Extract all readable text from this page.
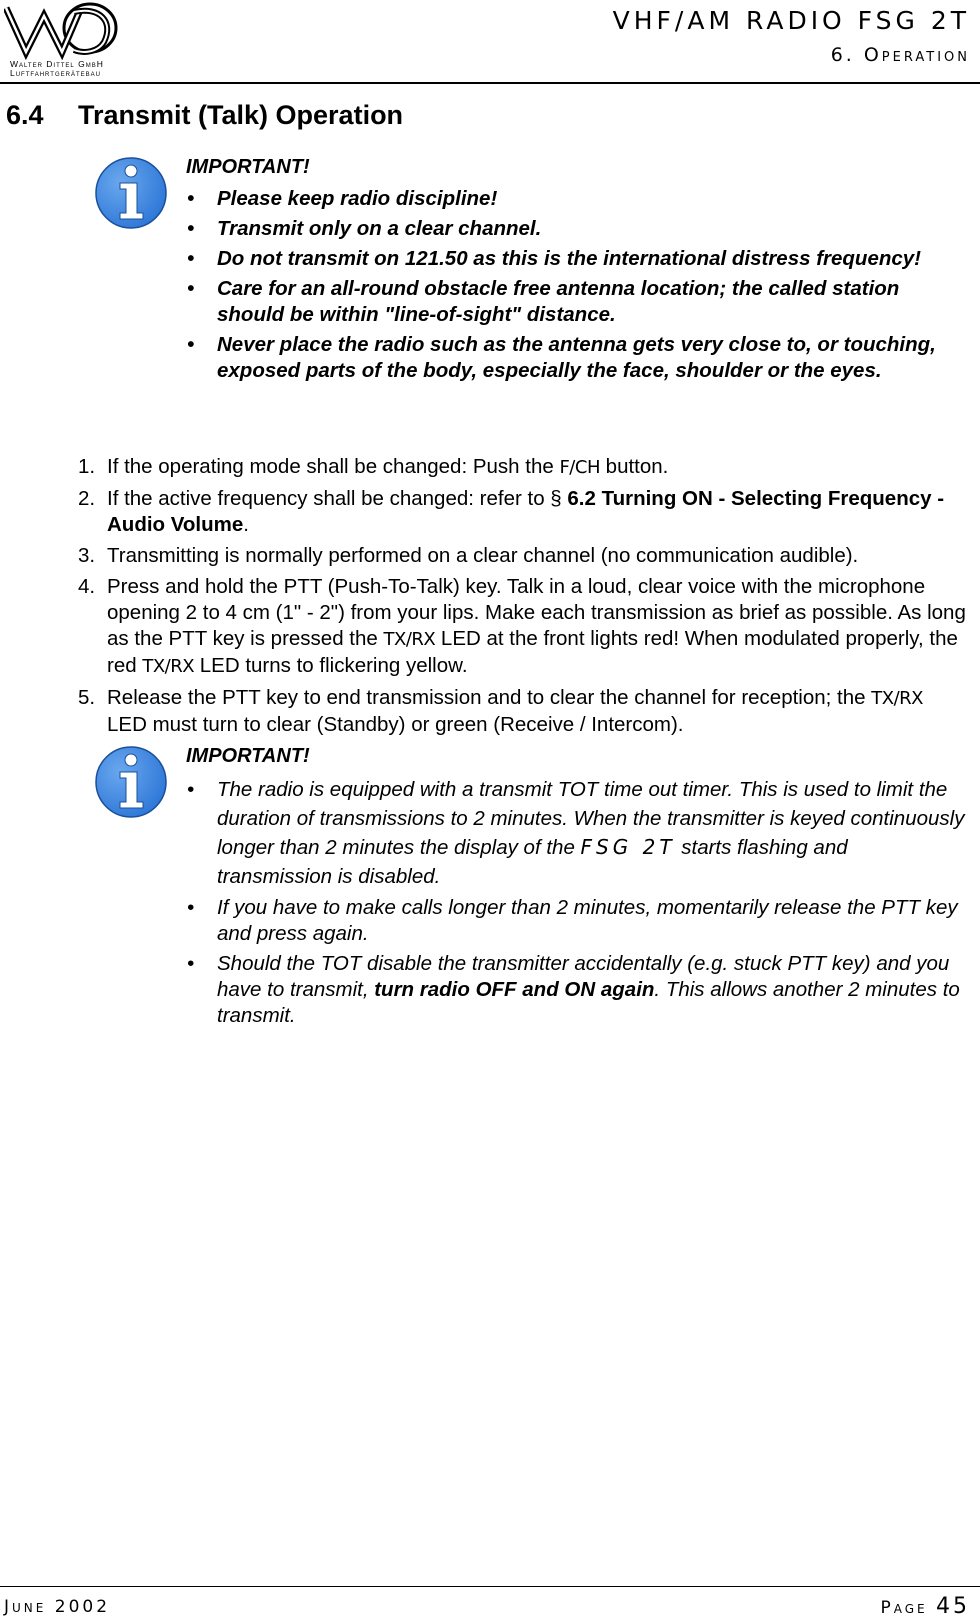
Walter Dittel GmbH
Luftfahrtgerätebau
VHF/AM RADIO FSG 2T
6. Operation
6.4 Transmit (Talk) Operation
IMPORTANT!
• Please keep radio discipline!
• Transmit only on a clear channel.
• Do not transmit on 121.50 as this is the international distress frequency!
• Care for an all-round obstacle free antenna location; the called station should be within "line-of-sight" distance.
• Never place the radio such as the antenna gets very close to, or touching, exposed parts of the body, especially the face, shoulder or the eyes.
1. If the operating mode shall be changed: Push the F/CH button.
2. If the active frequency shall be changed: refer to § 6.2 Turning ON - Selecting Frequency - Audio Volume.
3. Transmitting is normally performed on a clear channel (no communication audible).
4. Press and hold the PTT (Push-To-Talk) key. Talk in a loud, clear voice with the microphone opening 2 to 4 cm (1" - 2") from your lips. Make each transmission as brief as possible. As long as the PTT key is pressed the TX/RX LED at the front lights red! When modulated properly, the red TX/RX LED turns to flickering yellow.
5. Release the PTT key to end transmission and to clear the channel for reception; the TX/RX LED must turn to clear (Standby) or green (Receive / Intercom).
IMPORTANT!
• The radio is equipped with a transmit TOT time out timer. This is used to limit the duration of transmissions to 2 minutes. When the transmitter is keyed continuously longer than 2 minutes the display of the FSG 2T starts flashing and transmission is disabled.
• If you have to make calls longer than 2 minutes, momentarily release the PTT key and press again.
• Should the TOT disable the transmitter accidentally (e.g. stuck PTT key) and you have to transmit, turn radio OFF and ON again. This allows another 2 minutes to transmit.
June 2002	Page 45
